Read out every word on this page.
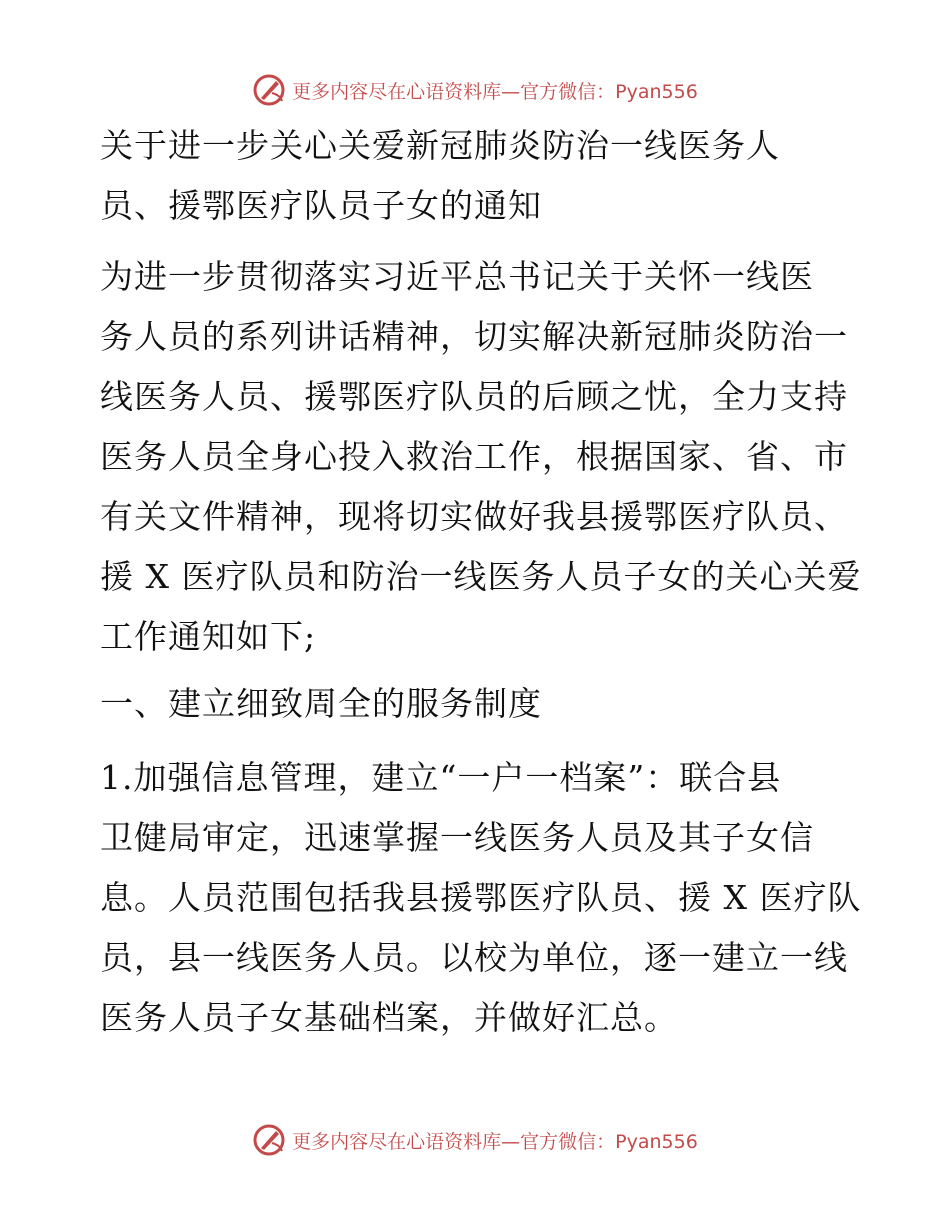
更多内容尽在心语资料库—官方微信：Pyan556
关于进一步关心关爱新冠肺炎防治一线医务人
员、援鄂医疗队员子女的通知
为进一步贯彻落实习近平总书记关于关怀一线医
务人员的系列讲话精神，切实解决新冠肺炎防治一
线医务人员、援鄂医疗队员的后顾之忧，全力支持
医务人员全身心投入救治工作，根据国家、省、市
有关文件精神，现将切实做好我县援鄂医疗队员、
援 X 医疗队员和防治一线医务人员子女的关心关爱
工作通知如下;
一、建立细致周全的服务制度
1.加强信息管理，建立“一户一档案”：联合县
卫健局审定，迅速掌握一线医务人员及其子女信
息。人员范围包括我县援鄂医疗队员、援 X 医疗队
员，县一线医务人员。以校为单位，逐一建立一线
医务人员子女基础档案，并做好汇总。
更多内容尽在心语资料库—官方微信：Pyan556
